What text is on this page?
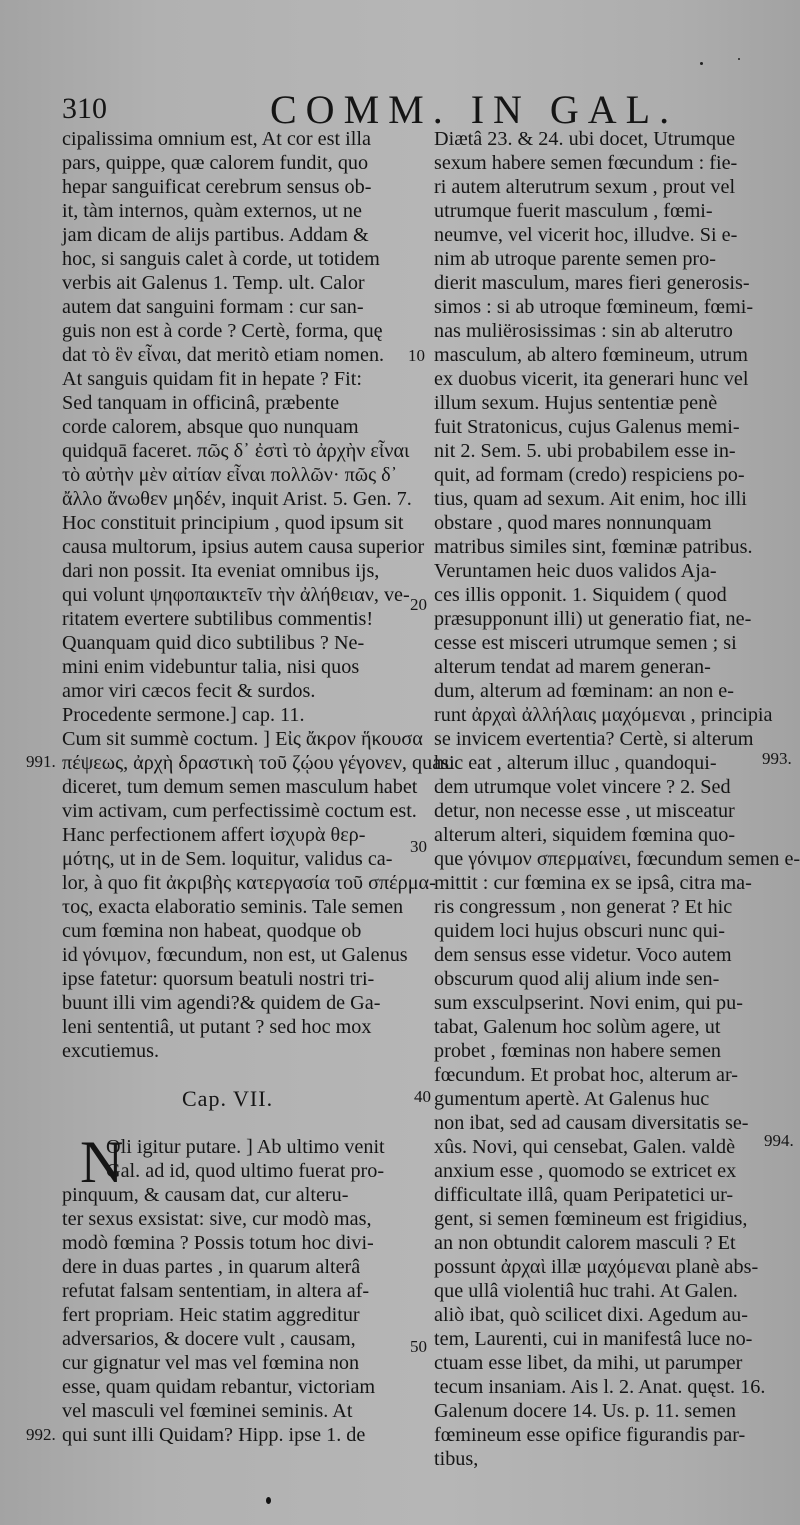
310	COMM. IN GAL.
cipalissima omnium est, At cor est illa
pars, quippe, quæ calorem fundit, quo
hepar sanguificat cerebrum sensus ob-
it, tàm internos, quàm externos, ut ne
jam dicam de alijs partibus. Addam &
hoc, si sanguis calet à corde, ut totidem
verbis ait Galenus 1. Temp. ult. Calor
autem dat sanguini formam : cur san-
guis non est à corde ? Certè, forma, quę
dat τὸ ἓν εἶναι, dat meritò etiam nomen.
At sanguis quidam fit in hepate ? Fit:
Sed tanquam in officinâ, præbente
corde calorem, absque quo nunquam
quidquā faceret. πῶς δ᾽ ἐστὶ τὸ ἀρχὴν εἶναι
τὸ αὐτὴν μὲν αἰτίαν εἶναι πολλῶν· πῶς δ᾽
ἄλλο ἄνωθεν μηδέν, inquit Arist. 5. Gen. 7.
Hoc constituit principium , quod ipsum sit
causa multorum, ipsius autem causa superior
dari non possit. Ita eveniat omnibus ijs,
qui volunt ψηφοπαικτεῖν τὴν ἀλήθειαν, ve-
ritatem evertere subtilibus commentis!
Quanquam quid dico subtilibus ? Ne-
mini enim videbuntur talia, nisi quos
amor viri cæcos fecit & surdos.
Procedente sermone.] cap. 11.
Cum sit summè coctum. ] Εἰς ἄκρον ἥκουσα
πέψεως, ἀρχὴ δραστικὴ τοῦ ζῴου γέγονεν, quasi
diceret, tum demum semen masculum habet
vim activam, cum perfectissimè coctum est.
Hanc perfectionem affert ἰσχυρὰ θερ-
μότης, ut in de Sem. loquitur, validus ca-
lor, à quo fit ἀκριβὴς κατεργασία τοῦ σπέρμα-
τος, exacta elaboratio seminis. Tale semen
cum fœmina non habeat, quodque ob
id γόνιμον, fœcundum, non est, ut Galenus
ipse fatetur: quorsum beatuli nostri tri-
buunt illi vim agendi?& quidem de Ga-
leni sententiâ, ut putant ? sed hoc mox
excutiemus.
Cap. VII.
N
Oli igitur putare. ] Ab ultimo venit
Gal. ad id, quod ultimo fuerat pro-
pinquum, & causam dat, cur alteru-
ter sexus exsistat: sive, cur modò mas,
modò fœmina ? Possis totum hoc divi-
dere in duas partes , in quarum alterâ
refutat falsam sententiam, in altera af-
fert propriam. Heic statim aggreditur
adversarios, & docere vult , causam,
cur gignatur vel mas vel fœmina non
esse, quam quidam rebantur, victoriam
vel masculi vel fœminei seminis. At
qui sunt illi Quidam? Hipp. ipse 1. de
Diætâ 23. & 24. ubi docet, Utrumque
sexum habere semen fœcundum : fie-
ri autem alterutrum sexum , prout vel
utrumque fuerit masculum , fœmi-
neumve, vel vicerit hoc, illudve. Si e-
nim ab utroque parente semen pro-
dierit masculum, mares fieri generosis-
simos : si ab utroque fœmineum, fœmi-
nas muliërosissimas : sin ab alterutro
masculum, ab altero fœmineum, utrum
ex duobus vicerit, ita generari hunc vel
illum sexum. Hujus sententiæ penè
fuit Stratonicus, cujus Galenus memi-
nit 2. Sem. 5. ubi probabilem esse in-
quit, ad formam (credo) respiciens po-
tius, quam ad sexum. Ait enim, hoc illi
obstare , quod mares nonnunquam
matribus similes sint, fœminæ patribus.
Veruntamen heic duos validos Aja-
ces illis opponit. 1. Siquidem ( quod
præsupponunt illi) ut generatio fiat, ne-
cesse est misceri utrumque semen ; si
alterum tendat ad marem generan-
dum, alterum ad fœminam: an non e-
runt ἀρχαὶ ἀλλήλαις μαχόμεναι , principia
se invicem evertentia? Certè, si alterum
huc eat , alterum illuc , quandoqui-
dem utrumque volet vincere ? 2. Sed
detur, non necesse esse , ut misceatur
alterum alteri, siquidem fœmina quo-
que γόνιμον σπερμαίνει, fœcundum semen e-
mittit : cur fœmina ex se ipsâ, citra ma-
ris congressum , non generat ? Et hic
quidem loci hujus obscuri nunc qui-
dem sensus esse videtur. Voco autem
obscurum quod alij alium inde sen-
sum exsculpserint. Novi enim, qui pu-
tabat, Galenum hoc solùm agere, ut
probet , fœminas non habere semen
fœcundum. Et probat hoc, alterum ar-
gumentum apertè. At Galenus huc
non ibat, sed ad causam diversitatis se-
xûs. Novi, qui censebat, Galen. valdè
anxium esse , quomodo se extricet ex
difficultate illâ, quam Peripatetici ur-
gent, si semen fœmineum est frigidius,
an non obtundit calorem masculi ? Et
possunt ἀρχαὶ illæ μαχόμεναι planè abs-
que ullâ violentiâ huc trahi. At Galen.
aliò ibat, quò scilicet dixi. Agedum au-
tem, Laurenti, cui in manifestâ luce no-
ctuam esse libet, da mihi, ut parumper
tecum insaniam. Ais l. 2. Anat. quęst. 16.
Galenum docere 14. Us. p. 11. semen
fœmineum esse opifice figurandis par-
tibus,
991.
992.
993.
994.
10
20
30
40
50
